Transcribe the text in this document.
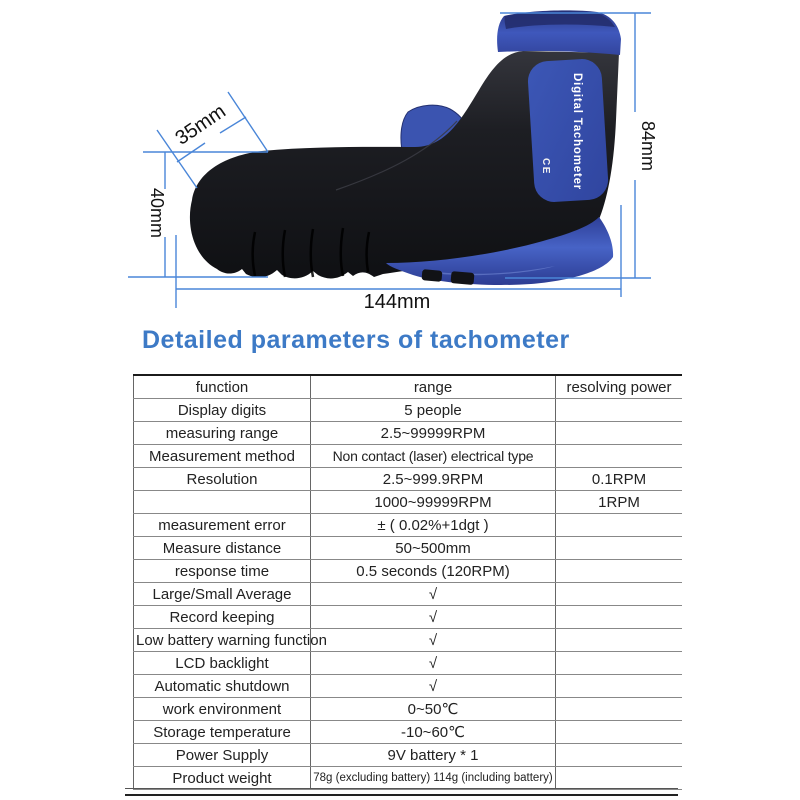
Digital Tachometer
CE	84mm
144mm
40mm
35mm
Detailed parameters of tachometer
function	range	resolving power
Display digits	5 people	
measuring range	2.5~99999RPM	
Measurement method	Non contact (laser) electrical type	
Resolution	2.5~999.9RPM	0.1RPM
	1000~99999RPM	1RPM
measurement error	± ( 0.02%+1dgt )	
Measure distance	50~500mm	
response time	0.5 seconds (120RPM)	
Large/Small Average	√	
Record keeping	√	
Low battery warning function	√	
LCD backlight	√	
Automatic shutdown	√	
work environment	0~50℃	
Storage temperature	-10~60℃	
Power Supply	9V battery * 1	
Product weight	78g (excluding battery) 114g (including battery)	
